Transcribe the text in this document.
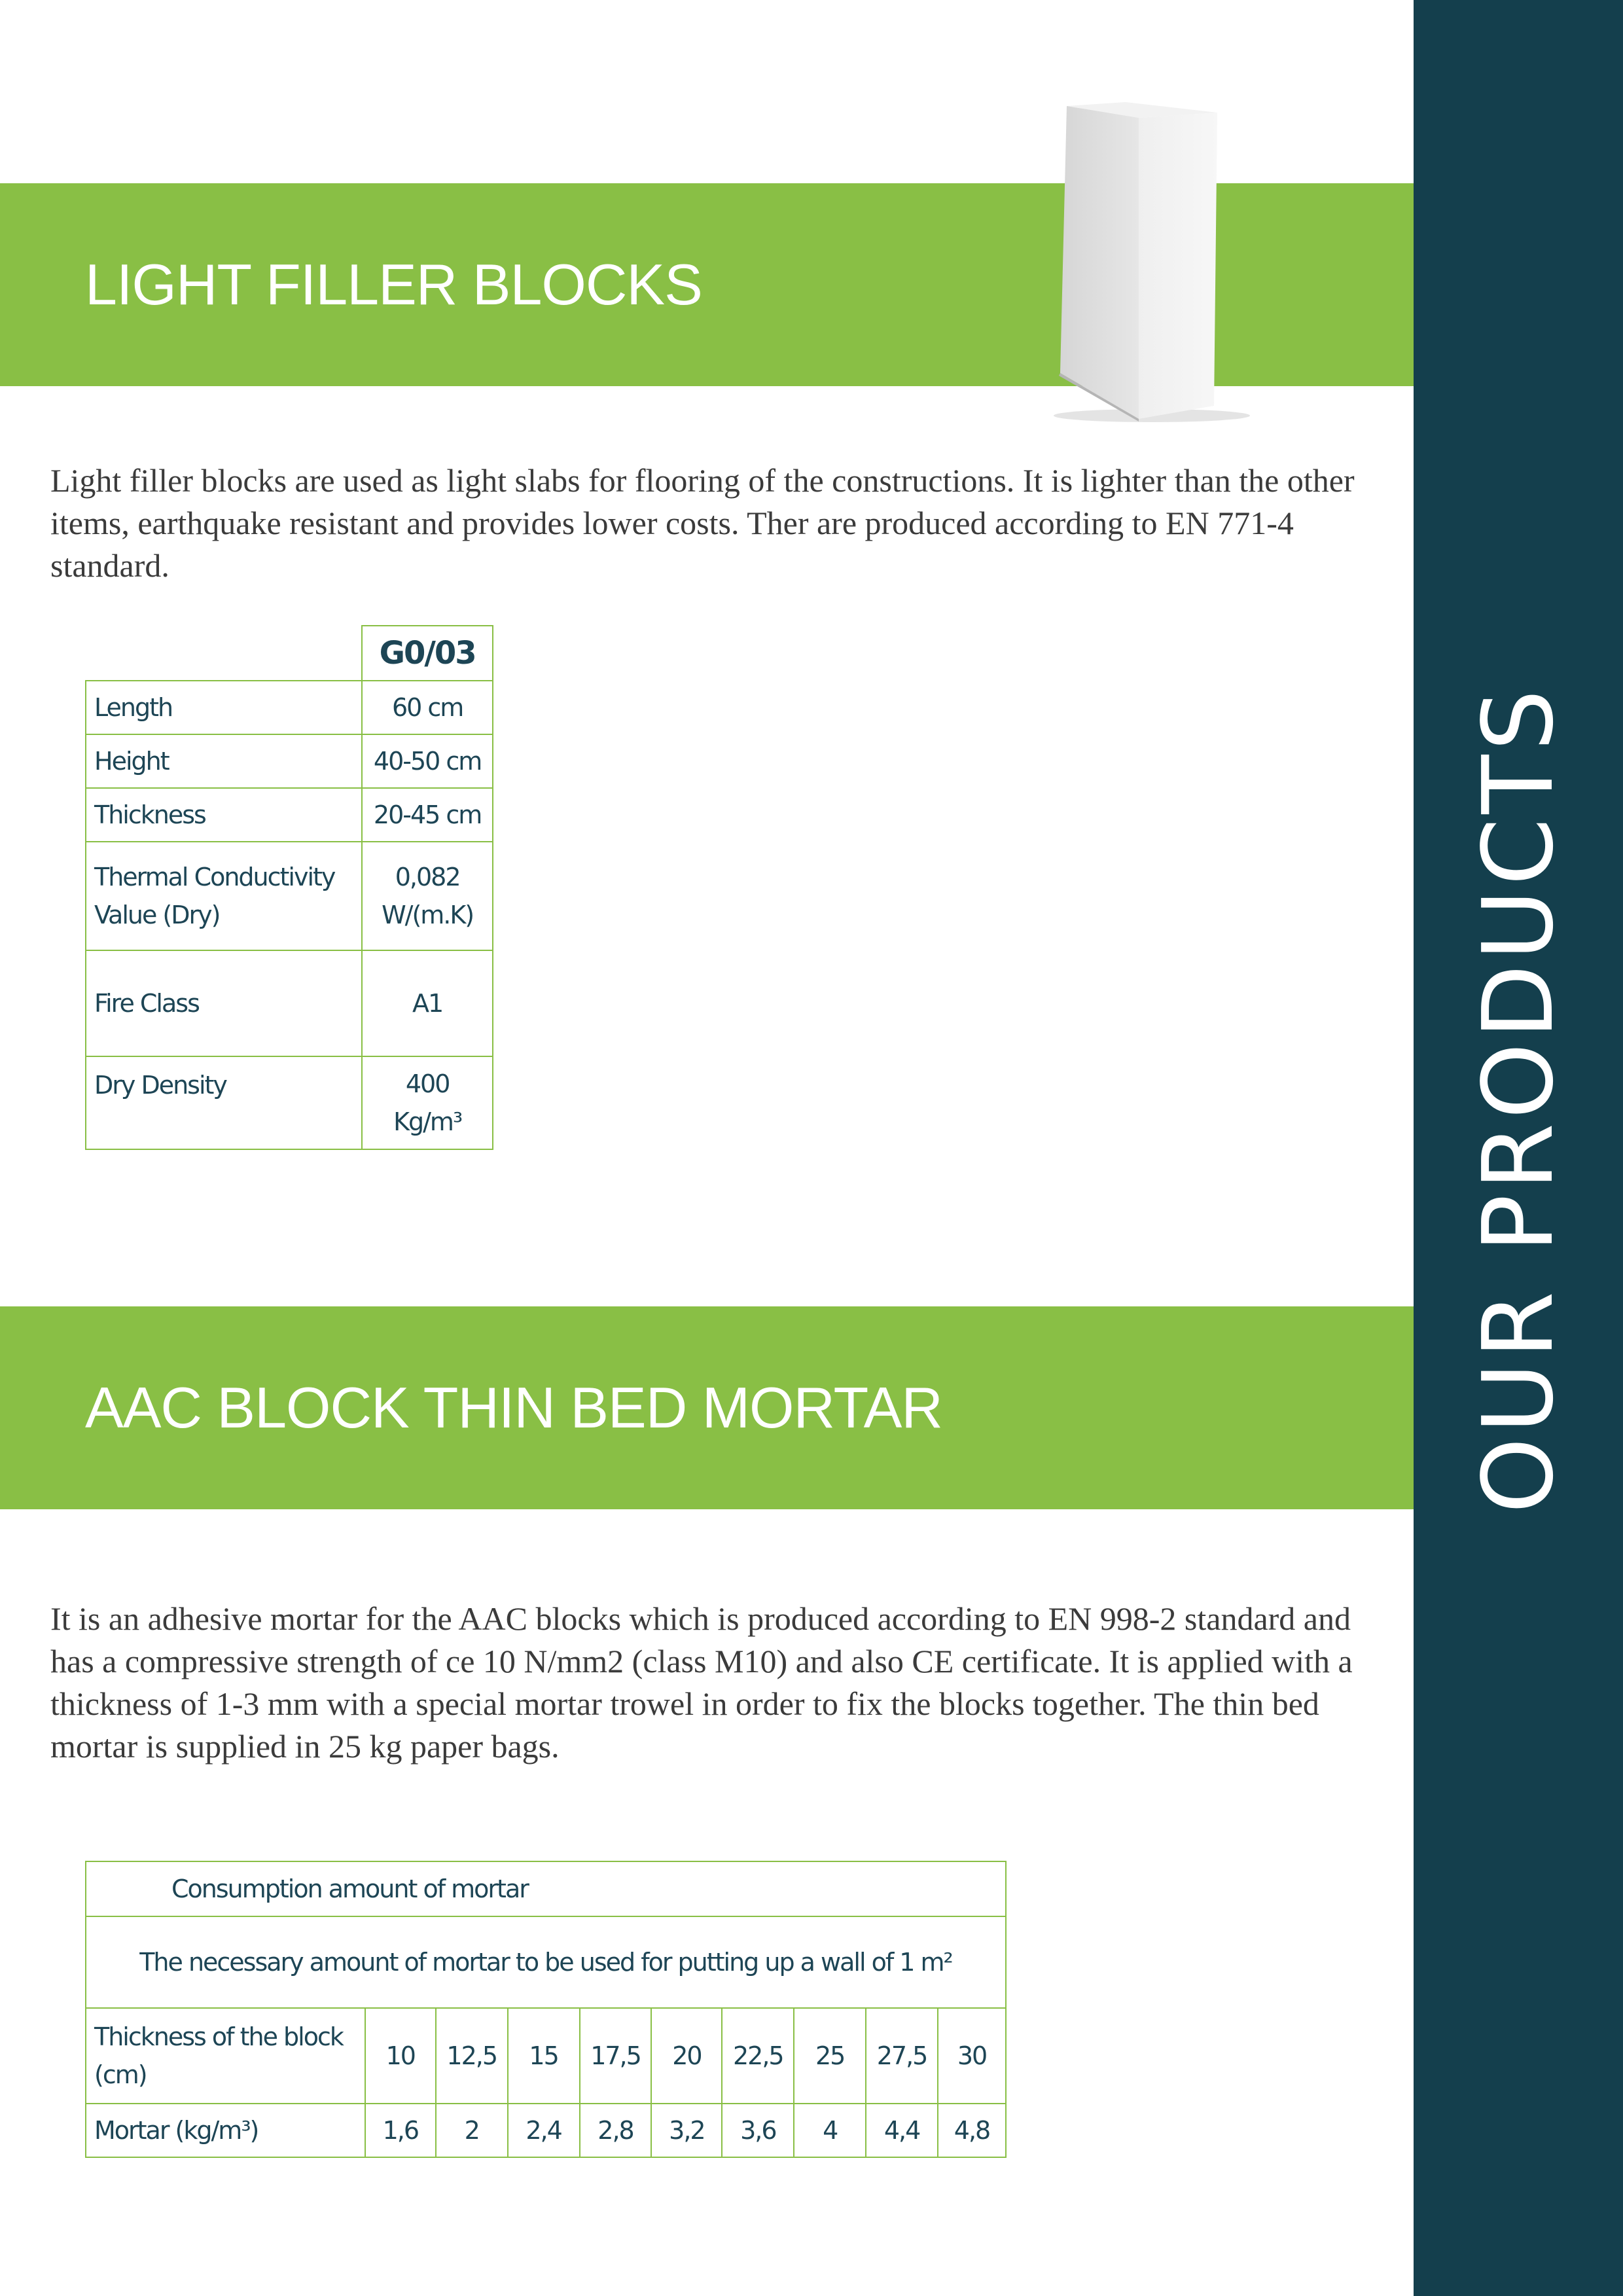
OUR PRODUCTS
LIGHT FILLER BLOCKS

Light filler blocks are used as light slabs for flooring of the constructions. It is lighter than the other items, earthquake resistant and provides lower costs. Ther are produced according to EN 771-4 standard.

	G0/03
Length	60 cm
Height	40-50 cm
Thickness	20-45 cm
Thermal Conductivity Value (Dry)	0,082 W/(m.K)
Fire Class	A1
Dry Density	400 Kg/m³
AAC BLOCK THIN BED MORTAR

It is an adhesive mortar for the AAC blocks which is produced according to EN 998-2 standard and has a compressive strength of ce 10 N/mm2 (class M10) and also CE certificate. It is applied with a thickness of 1-3 mm with a special mortar trowel in order to fix the blocks together. The thin bed mortar is supplied in 25 kg paper bags.

Consumption amount of mortar									
The necessary amount of mortar to be used for putting up a wall of 1 m²									
Thickness of the block (cm)	10	12,5	15	17,5	20	22,5	25	27,5	30
Mortar (kg/m³)	1,6	2	2,4	2,8	3,2	3,6	4	4,4	4,8
